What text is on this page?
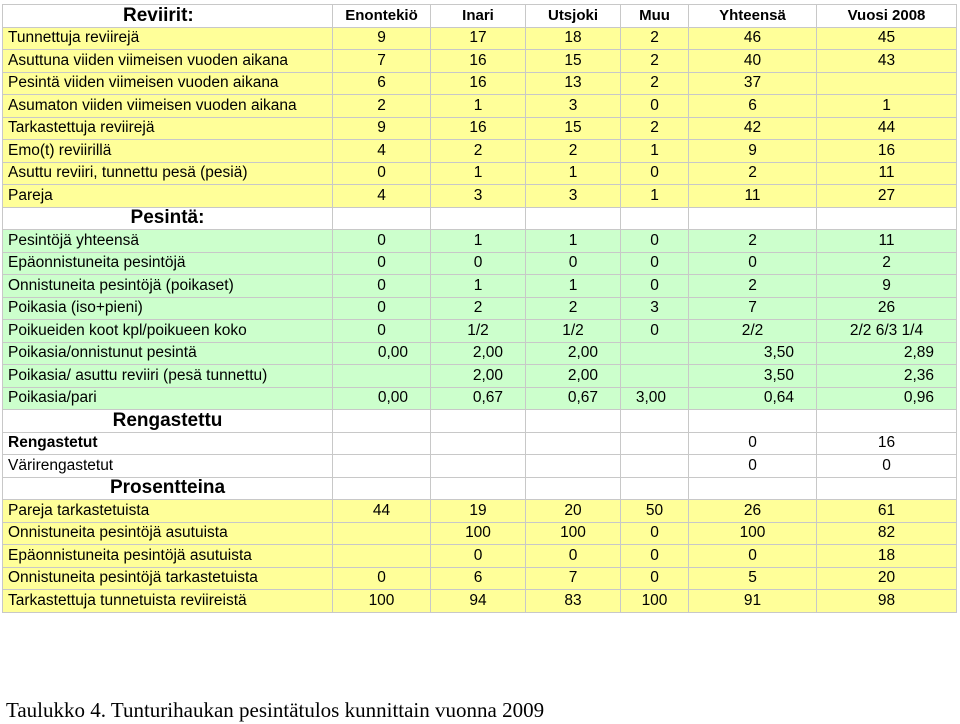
Reviirit:	Enontekiö	Inari	Utsjoki	Muu	Yhteensä	Vuosi 2008
Tunnettuja reviirejä	9	17	18	2	46	45
Asuttuna viiden viimeisen vuoden aikana	7	16	15	2	40	43
Pesintä viiden viimeisen vuoden aikana	6	16	13	2	37	
Asumaton viiden viimeisen vuoden aikana	2	1	3	0	6	1
Tarkastettuja reviirejä	9	16	15	2	42	44
Emo(t) reviirillä	4	2	2	1	9	16
Asuttu reviiri, tunnettu pesä (pesiä)	0	1	1	0	2	11
Pareja	4	3	3	1	11	27
Pesintä:						
Pesintöjä yhteensä	0	1	1	0	2	11
Epäonnistuneita pesintöjä	0	0	0	0	0	2
Onnistuneita pesintöjä (poikaset)	0	1	1	0	2	9
Poikasia (iso+pieni)	0	2	2	3	7	26
Poikueiden koot kpl/poikueen koko	0	1/2	1/2	0	2/2	2/2 6/3 1/4
Poikasia/onnistunut pesintä	0,00	2,00	2,00		3,50	2,89
Poikasia/ asuttu reviiri (pesä tunnettu)		2,00	2,00		3,50	2,36
Poikasia/pari	0,00	0,67	0,67	3,00	0,64	0,96
Rengastettu						
Rengastetut					0	16
Värirengastetut					0	0
Prosentteina						
Pareja tarkastetuista	44	19	20	50	26	61
Onnistuneita pesintöjä asutuista		100	100	0	100	82
Epäonnistuneita pesintöjä asutuista		0	0	0	0	18
Onnistuneita pesintöjä tarkastetuista	0	6	7	0	5	20
Tarkastettuja tunnetuista reviireistä	100	94	83	100	91	98
Taulukko 4. Tunturihaukan pesintätulos kunnittain vuonna 2009
